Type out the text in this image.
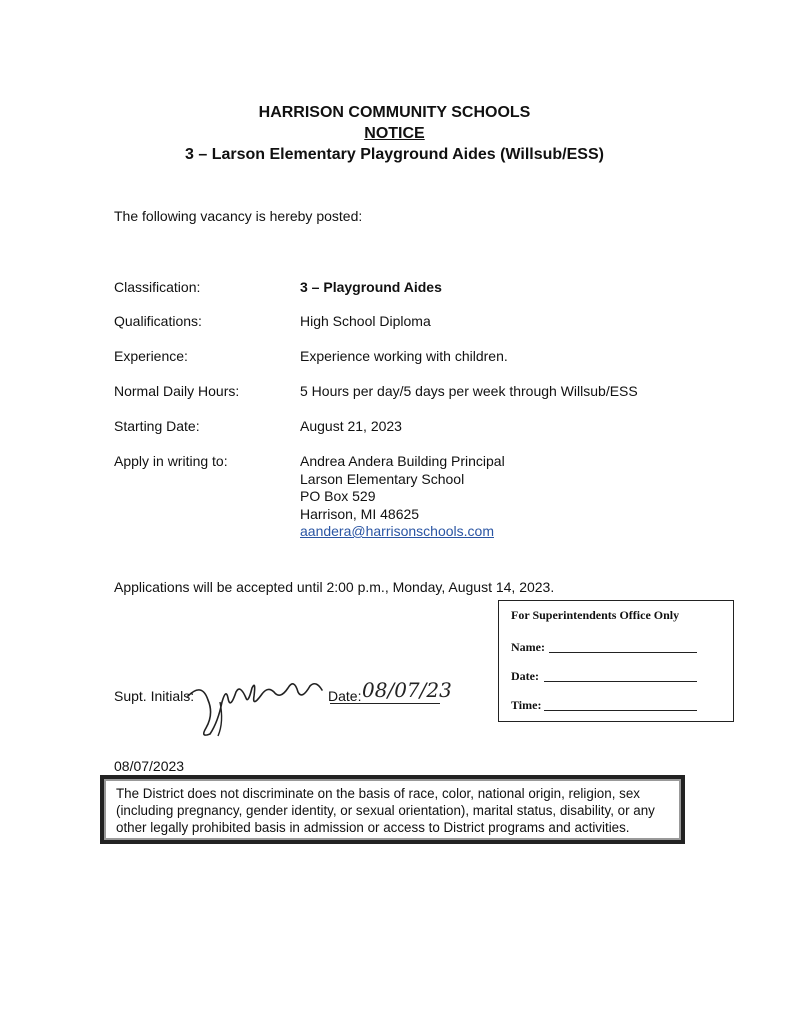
HARRISON COMMUNITY SCHOOLS
NOTICE
3 – Larson Elementary Playground Aides (Willsub/ESS)
The following vacancy is hereby posted:
Classification:	3 – Playground Aides
Qualifications:	High School Diploma
Experience:	Experience working with children.
Normal Daily Hours:	5 Hours per day/5 days per week through Willsub/ESS
Starting Date:	August 21, 2023
Apply in writing to:	Andrea Andera Building Principal
Larson Elementary School
PO Box 529
Harrison, MI 48625
aandera@harrisonschools.com
Applications will be accepted until 2:00 p.m., Monday, August 14, 2023.
For Superintendents Office Only
Name:
Date:
Time:
Supt. Initials:	Date: 08/07/23
08/07/2023
The District does not discriminate on the basis of race, color, national origin, religion, sex (including pregnancy, gender identity, or sexual orientation), marital status, disability, or any other legally prohibited basis in admission or access to District programs and activities.
